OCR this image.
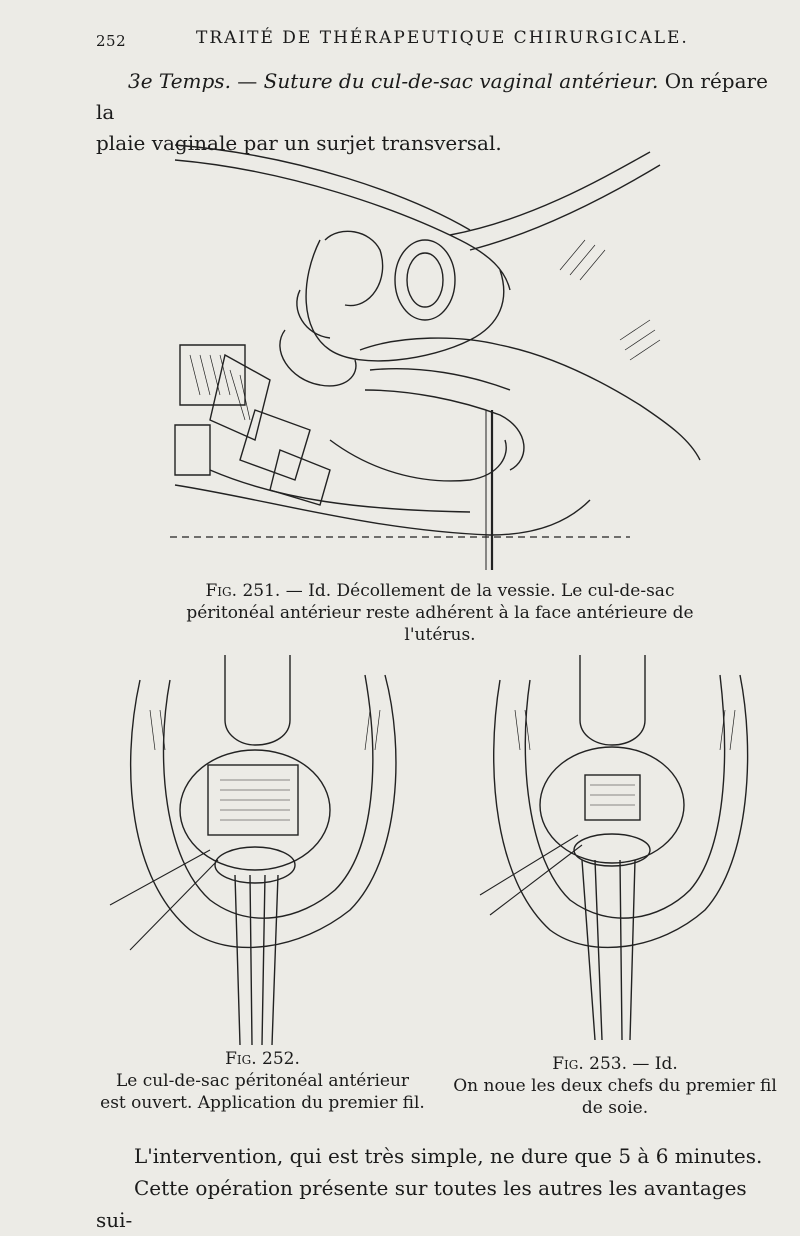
252	TRAITÉ DE THÉRAPEUTIQUE CHIRURGICALE.
3e Temps. — Suture du cul-de-sac vaginal antérieur. On répare la
plaie vaginale par un surjet transversal.
Fig. 251. — Id. Décollement de la vessie. Le cul-de-sac
péritonéal antérieur reste adhérent à la face antérieure de l'utérus.
Fig. 252.
Le cul-de-sac péritonéal antérieur
est ouvert. Application du premier fil.
Fig. 253. — Id.
On noue les deux chefs du premier fil
de soie.
L'intervention, qui est très simple, ne dure que 5 à 6 minutes.
Cette opération présente sur toutes les autres les avantages sui-
